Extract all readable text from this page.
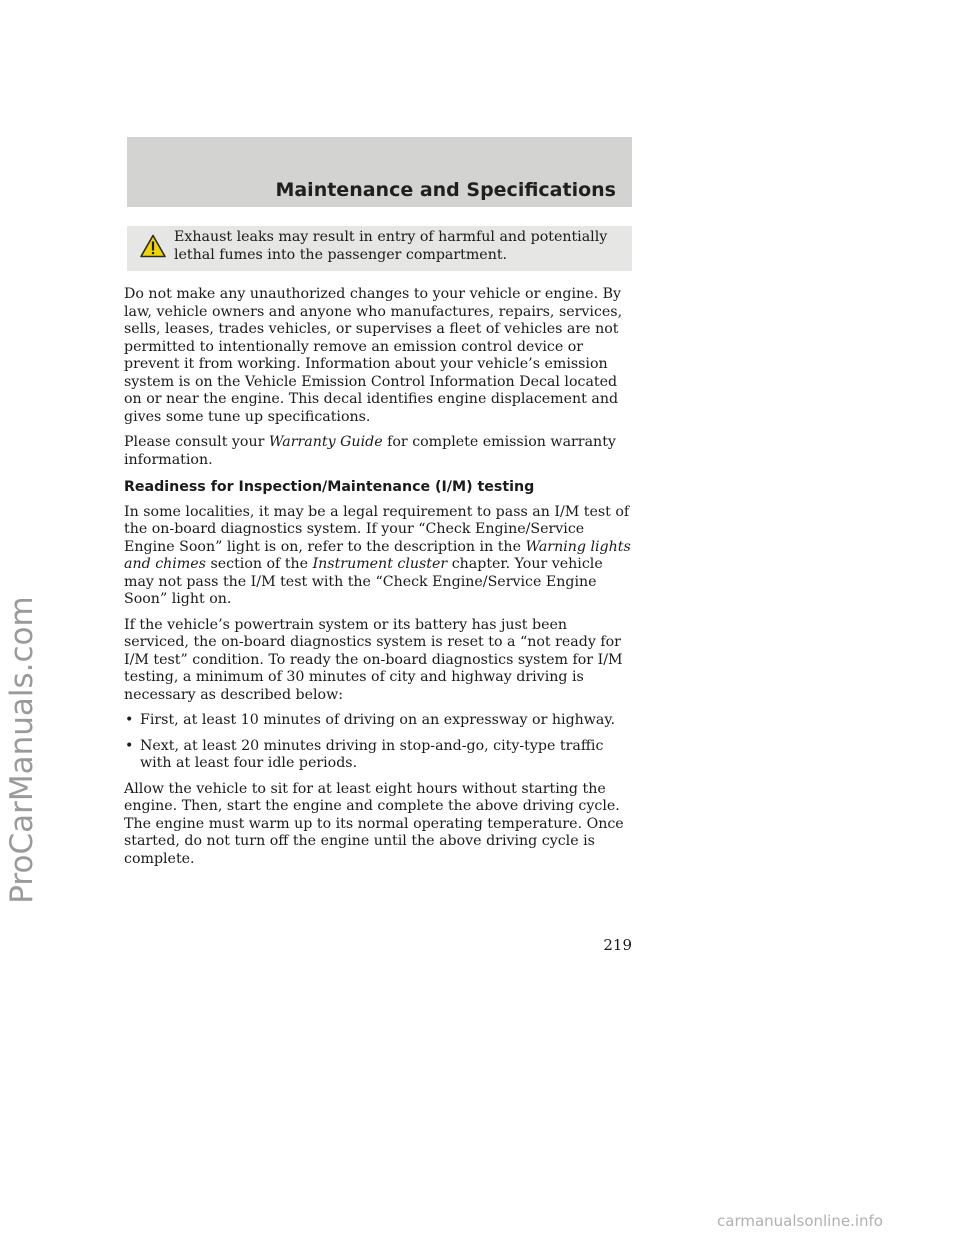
ProCarManuals.com
Maintenance and Specifications
Exhaust leaks may result in entry of harmful and potentially lethal fumes into the passenger compartment.

Do not make any unauthorized changes to your vehicle or engine. By law, vehicle owners and anyone who manufactures, repairs, services, sells, leases, trades vehicles, or supervises a fleet of vehicles are not permitted to intentionally remove an emission control device or prevent it from working. Information about your vehicle’s emission system is on the Vehicle Emission Control Information Decal located on or near the engine. This decal identifies engine displacement and gives some tune up specifications.

Please consult your Warranty Guide for complete emission warranty information.

Readiness for Inspection/Maintenance (I/M) testing

In some localities, it may be a legal requirement to pass an I/M test of the on-board diagnostics system. If your “Check Engine/Service Engine Soon” light is on, refer to the description in the Warning lights and chimes section of the Instrument cluster chapter. Your vehicle may not pass the I/M test with the “Check Engine/Service Engine Soon” light on.

If the vehicle’s powertrain system or its battery has just been serviced, the on-board diagnostics system is reset to a “not ready for I/M test” condition. To ready the on-board diagnostics system for I/M testing, a minimum of 30 minutes of city and highway driving is necessary as described below:

• First, at least 10 minutes of driving on an expressway or highway.
• Next, at least 20 minutes driving in stop-and-go, city-type traffic with at least four idle periods.

Allow the vehicle to sit for at least eight hours without starting the engine. Then, start the engine and complete the above driving cycle. The engine must warm up to its normal operating temperature. Once started, do not turn off the engine until the above driving cycle is complete.

219
carmanualsonline.info
